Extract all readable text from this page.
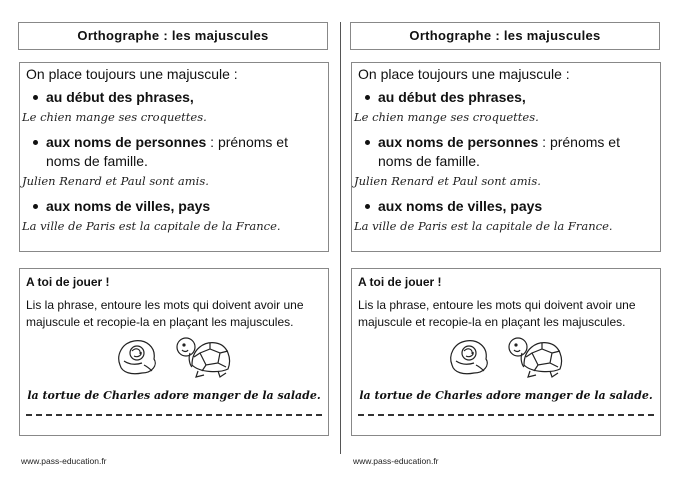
Orthographe : les majuscules
On place toujours une majuscule :
au début des phrases,
Le chien mange ses croquettes.
aux noms de personnes : prénoms et noms de famille.
Julien Renard et Paul sont amis.
aux noms de villes, pays
La ville de Paris est la capitale de la France.
A toi de jouer !
Lis la phrase, entoure les mots qui doivent avoir une majuscule et recopie-la en plaçant les majuscules.
la tortue de Charles adore manger de la salade.
www.pass-education.fr
Orthographe : les majuscules
On place toujours une majuscule :
au début des phrases,
Le chien mange ses croquettes.
aux noms de personnes : prénoms et noms de famille.
Julien Renard et Paul sont amis.
aux noms de villes, pays
La ville de Paris est la capitale de la France.
A toi de jouer !
Lis la phrase, entoure les mots qui doivent avoir une majuscule et recopie-la en plaçant les majuscules.
la tortue de Charles adore manger de la salade.
www.pass-education.fr
